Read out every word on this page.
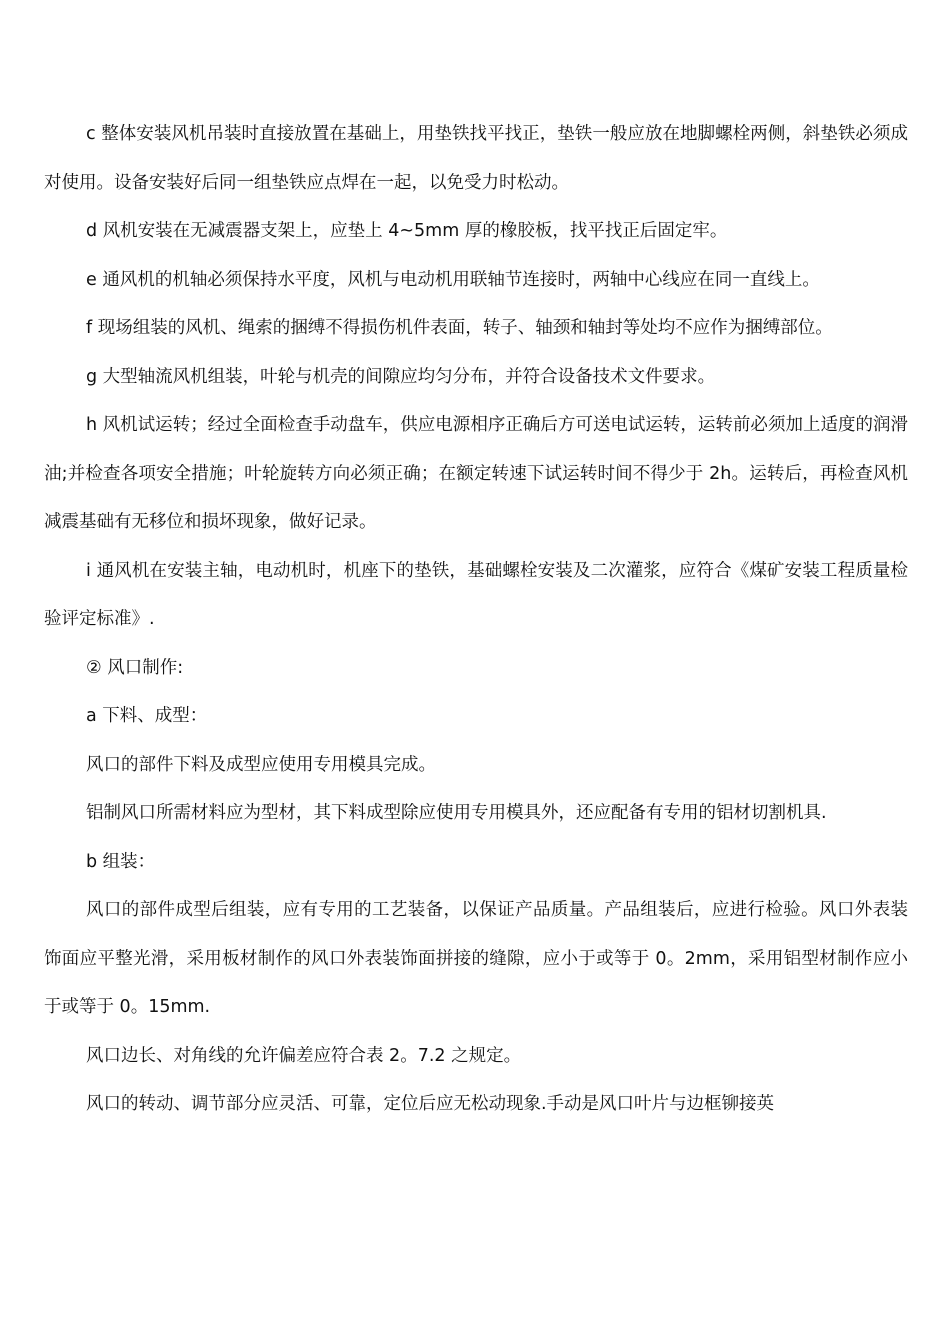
c 整体安装风机吊装时直接放置在基础上，用垫铁找平找正，垫铁一般应放在地脚螺栓两侧，斜垫铁必须成对使用。设备安装好后同一组垫铁应点焊在一起，以免受力时松动。

d 风机安装在无减震器支架上，应垫上 4~5mm 厚的橡胶板，找平找正后固定牢。

e 通风机的机轴必须保持水平度，风机与电动机用联轴节连接时，两轴中心线应在同一直线上。

f 现场组装的风机、绳索的捆缚不得损伤机件表面，转子、轴颈和轴封等处均不应作为捆缚部位。

g 大型轴流风机组装，叶轮与机壳的间隙应均匀分布，并符合设备技术文件要求。

h 风机试运转；经过全面检查手动盘车，供应电源相序正确后方可送电试运转，运转前必须加上适度的润滑油;并检查各项安全措施；叶轮旋转方向必须正确；在额定转速下试运转时间不得少于 2h。运转后，再检查风机减震基础有无移位和损坏现象，做好记录。

i 通风机在安装主轴，电动机时，机座下的垫铁，基础螺栓安装及二次灌浆，应符合《煤矿安装工程质量检验评定标准》.

② 风口制作:

a 下料、成型：

风口的部件下料及成型应使用专用模具完成。

铝制风口所需材料应为型材，其下料成型除应使用专用模具外，还应配备有专用的铝材切割机具.

b 组装：

风口的部件成型后组装，应有专用的工艺装备，以保证产品质量。产品组装后，应进行检验。风口外表装饰面应平整光滑，采用板材制作的风口外表装饰面拼接的缝隙，应小于或等于 0。2mm，采用铝型材制作应小于或等于 0。15mm.

风口边长、对角线的允许偏差应符合表 2。7.2 之规定。

风口的转动、调节部分应灵活、可靠，定位后应无松动现象.手动是风口叶片与边框铆接英
